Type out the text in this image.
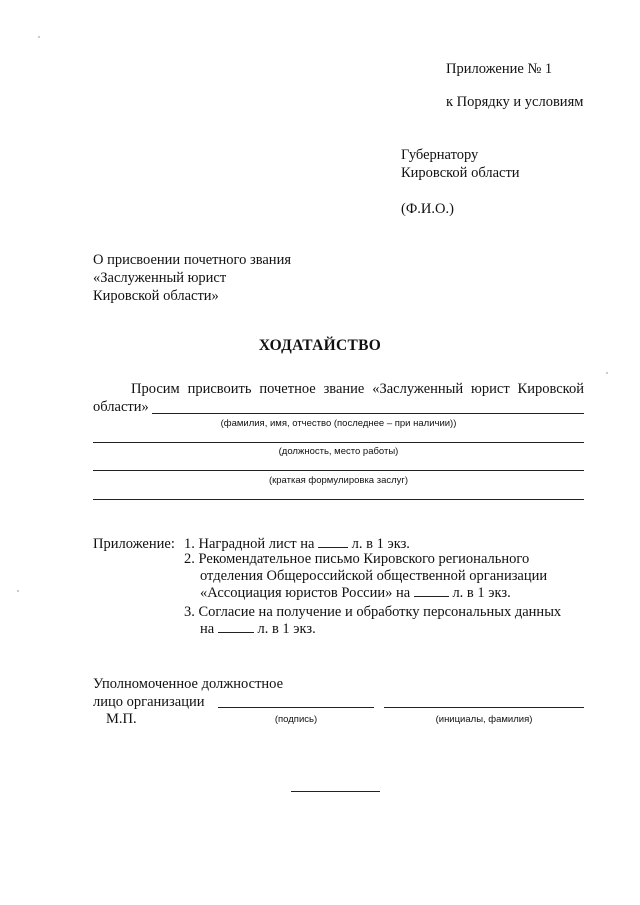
Приложение № 1
к Порядку и условиям
Губернатору
Кировской области
(Ф.И.О.)
О присвоении почетного звания
«Заслуженный юрист
Кировской области»
ХОДАТАЙСТВО
Просим присвоить почетное звание «Заслуженный юрист Кировской
области»
(фамилия, имя, отчество (последнее – при наличии))
(должность, место работы)
(краткая формулировка заслуг)
Приложение: 1. Наградной лист на	л. в 1 экз.
2. Рекомендательное письмо Кировского регионального
отделения Общероссийской общественной организации
«Ассоциация юристов России» на	л. в 1 экз.
3. Согласие на получение и обработку персональных данных
на	л. в 1 экз.
Уполномоченное должностное
лицо организации
М.П.	(подпись)	(инициалы, фамилия)
